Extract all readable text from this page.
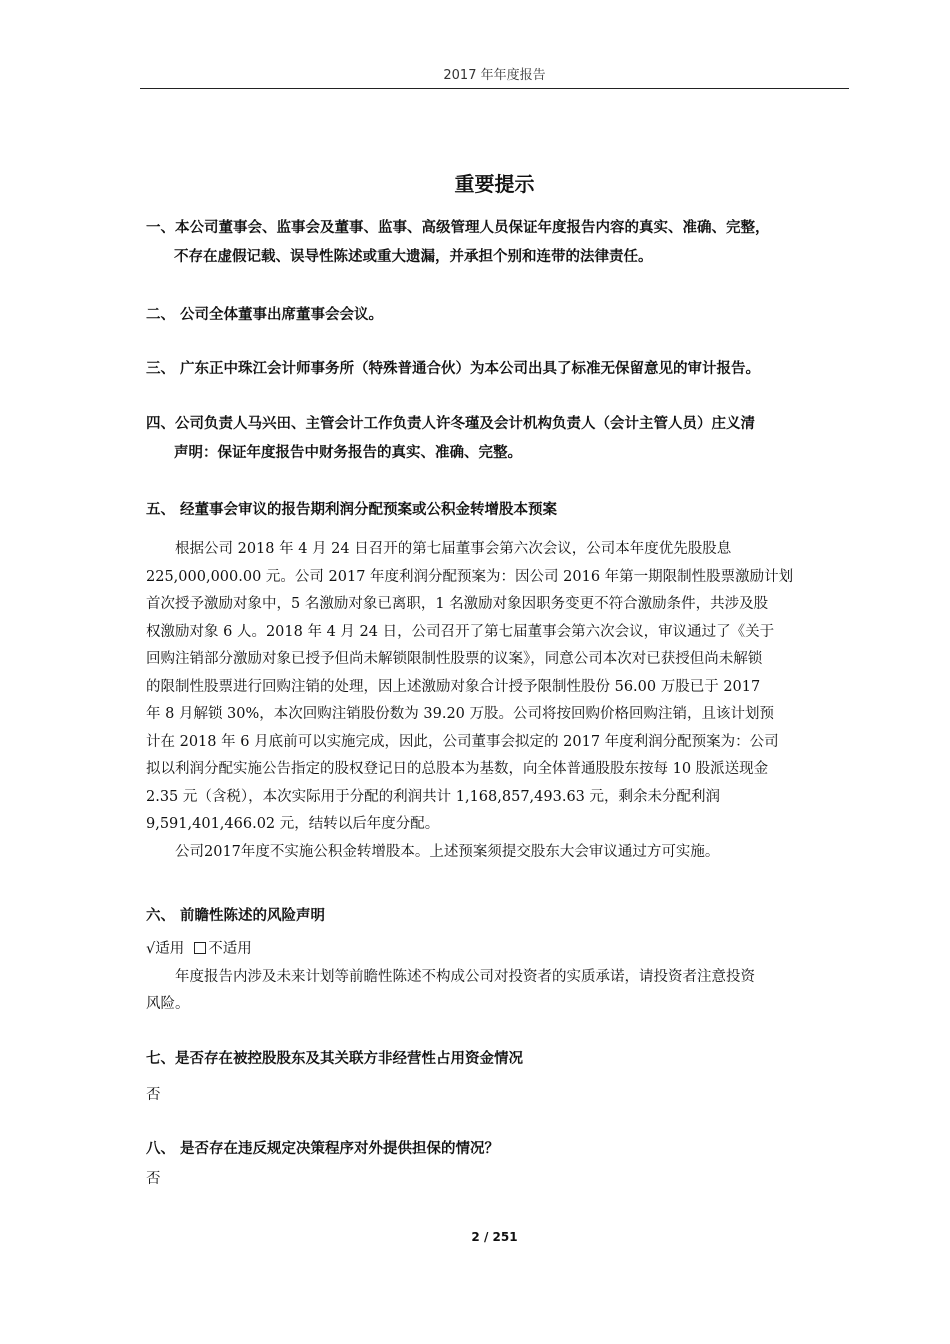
2017 年年度报告
重要提示
一、本公司董事会、监事会及董事、监事、高级管理人员保证年度报告内容的真实、准确、完整，
不存在虚假记载、误导性陈述或重大遗漏，并承担个别和连带的法律责任。
二、 公司全体董事出席董事会会议。
三、 广东正中珠江会计师事务所（特殊普通合伙）为本公司出具了标准无保留意见的审计报告。
四、公司负责人马兴田、主管会计工作负责人许冬瑾及会计机构负责人（会计主管人员）庄义清
声明：保证年度报告中财务报告的真实、准确、完整。
五、 经董事会审议的报告期利润分配预案或公积金转增股本预案
根据公司 2018 年 4 月 24 日召开的第七届董事会第六次会议，公司本年度优先股股息
225,000,000.00 元。公司 2017 年度利润分配预案为：因公司 2016 年第一期限制性股票激励计划
首次授予激励对象中，5 名激励对象已离职，1 名激励对象因职务变更不符合激励条件，共涉及股
权激励对象 6 人。2018 年 4 月 24 日，公司召开了第七届董事会第六次会议，审议通过了《关于
回购注销部分激励对象已授予但尚未解锁限制性股票的议案》，同意公司本次对已获授但尚未解锁
的限制性股票进行回购注销的处理，因上述激励对象合计授予限制性股份 56.00 万股已于 2017
年 8 月解锁 30%，本次回购注销股份数为 39.20 万股。公司将按回购价格回购注销，且该计划预
计在 2018 年 6 月底前可以实施完成，因此，公司董事会拟定的 2017 年度利润分配预案为：公司
拟以利润分配实施公告指定的股权登记日的总股本为基数，向全体普通股股东按每 10 股派送现金
2.35 元（含税），本次实际用于分配的利润共计 1,168,857,493.63 元，剩余未分配利润
9,591,401,466.02 元，结转以后年度分配。
公司2017年度不实施公积金转增股本。上述预案须提交股东大会审议通过方可实施。
六、 前瞻性陈述的风险声明
√适用 不适用
年度报告内涉及未来计划等前瞻性陈述不构成公司对投资者的实质承诺，请投资者注意投资
风险。
七、是否存在被控股股东及其关联方非经营性占用资金情况
否
八、 是否存在违反规定决策程序对外提供担保的情况？
否
2 / 251
